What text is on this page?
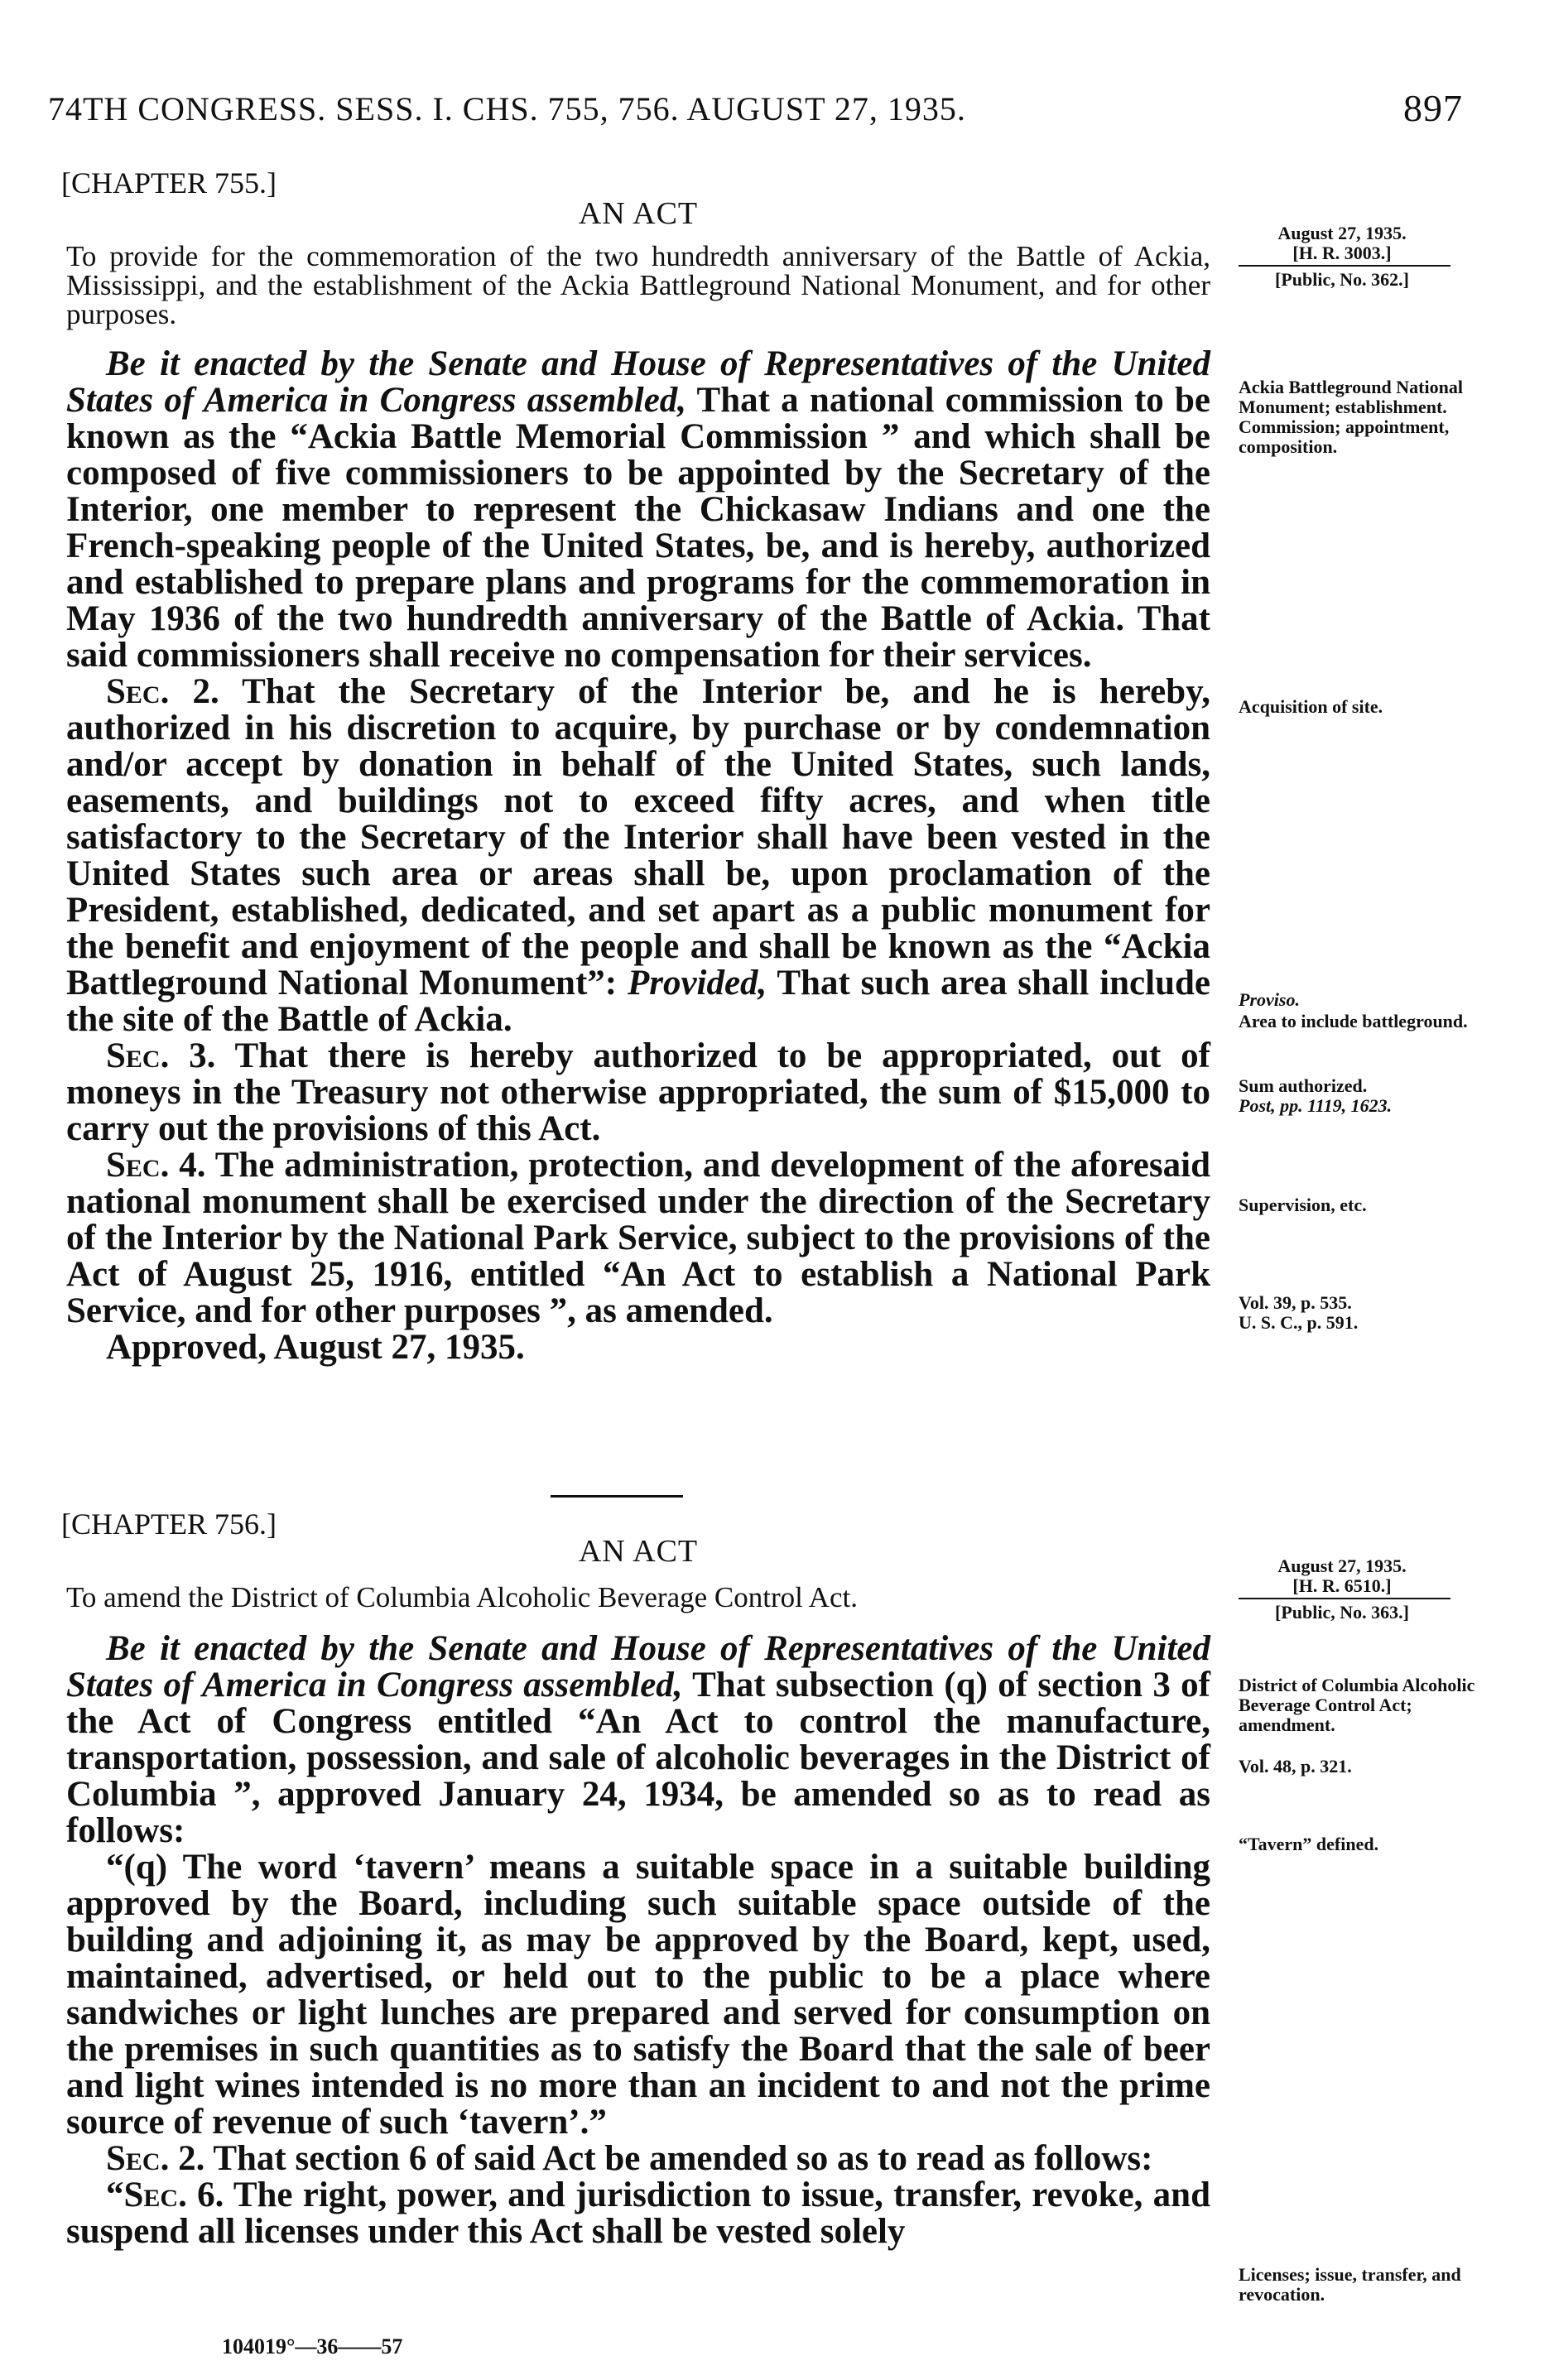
74TH CONGRESS. SESS. I. CHS. 755, 756. AUGUST 27, 1935.	897
[CHAPTER 755.]
AN ACT
To provide for the commemoration of the two hundredth anniversary of the Battle of Ackia, Mississippi, and the establishment of the Ackia Battleground National Monument, and for other purposes.
August 27, 1935.
[H. R. 3003.]
[Public, No. 362.]

Be it enacted by the Senate and House of Representatives of the United States of America in Congress assembled, That a national commission to be known as the “Ackia Battle Memorial Commission ” and which shall be composed of five commissioners to be appointed by the Secretary of the Interior, one member to represent the Chickasaw Indians and one the French-speaking people of the United States, be, and is hereby, authorized and established to prepare plans and programs for the commemoration in May 1936 of the two hundredth anniversary of the Battle of Ackia. That said commissioners shall receive no compensation for their services.

Sec. 2. That the Secretary of the Interior be, and he is hereby, authorized in his discretion to acquire, by purchase or by condemnation and/or accept by donation in behalf of the United States, such lands, easements, and buildings not to exceed fifty acres, and when title satisfactory to the Secretary of the Interior shall have been vested in the United States such area or areas shall be, upon proclamation of the President, established, dedicated, and set apart as a public monument for the benefit and enjoyment of the people and shall be known as the “Ackia Battleground National Monument”: Provided, That such area shall include the site of the Battle of Ackia.

Sec. 3. That there is hereby authorized to be appropriated, out of moneys in the Treasury not otherwise appropriated, the sum of $15,000 to carry out the provisions of this Act.

Sec. 4. The administration, protection, and development of the aforesaid national monument shall be exercised under the direction of the Secretary of the Interior by the National Park Service, subject to the provisions of the Act of August 25, 1916, entitled “An Act to establish a National Park Service, and for other purposes ”, as amended.

Approved, August 27, 1935.

Ackia Battleground National Monument; establishment. Commission; appointment, composition.
Acquisition of site.
Proviso.
Area to include battleground.
Sum authorized.
Post, pp. 1119, 1623.
Supervision, etc.
Vol. 39, p. 535.
U. S. C., p. 591.
[CHAPTER 756.]
AN ACT
To amend the District of Columbia Alcoholic Beverage Control Act.
August 27, 1935.
[H. R. 6510.]
[Public, No. 363.]

Be it enacted by the Senate and House of Representatives of the United States of America in Congress assembled, That subsection (q) of section 3 of the Act of Congress entitled “An Act to control the manufacture, transportation, possession, and sale of alcoholic beverages in the District of Columbia ”, approved January 24, 1934, be amended so as to read as follows:

“(q) The word ‘tavern’ means a suitable space in a suitable building approved by the Board, including such suitable space outside of the building and adjoining it, as may be approved by the Board, kept, used, maintained, advertised, or held out to the public to be a place where sandwiches or light lunches are prepared and served for consumption on the premises in such quantities as to satisfy the Board that the sale of beer and light wines intended is no more than an incident to and not the prime source of revenue of such ‘tavern’.”

Sec. 2. That section 6 of said Act be amended so as to read as follows:

“Sec. 6. The right, power, and jurisdiction to issue, transfer, revoke, and suspend all licenses under this Act shall be vested solely

District of Columbia Alcoholic Beverage Control Act; amendment.
Vol. 48, p. 321.
“Tavern” defined.
Licenses; issue, transfer, and revocation.
104019°—36——57
